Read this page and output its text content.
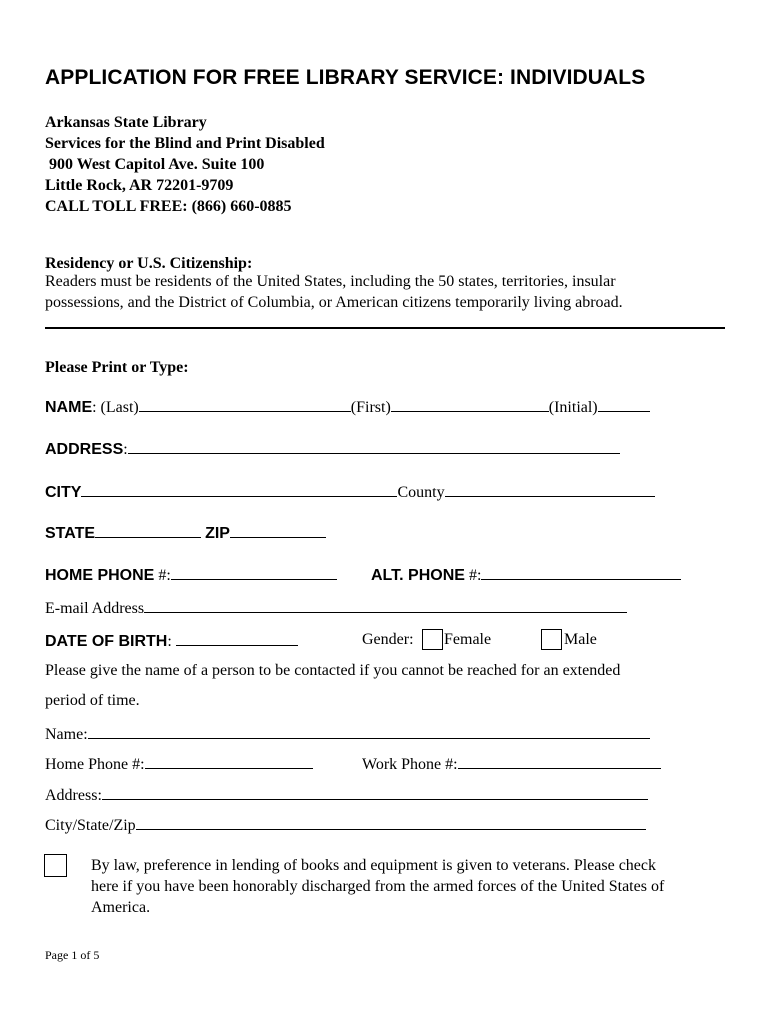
APPLICATION FOR FREE LIBRARY SERVICE: INDIVIDUALS
Arkansas State Library
Services for the Blind and Print Disabled
900 West Capitol Ave. Suite 100
Little Rock, AR 72201-9709
CALL TOLL FREE: (866) 660-0885
Residency or U.S. Citizenship:
Readers must be residents of the United States, including the 50 states, territories, insular
possessions, and the District of Columbia, or American citizens temporarily living abroad.
Please Print or Type:
NAME : (Last)	(First)	(Initial)
ADDRESS :
CITY	County
STATE	ZIP
HOME PHONE #:	ALT. PHONE #:
E-mail Address
DATE OF BIRTH :	Gender: Female	Male
Please give the name of a person to be contacted if you cannot be reached for an extended
period of time.
Name:
Home Phone #:	Work Phone #:
Address:
City/State/Zip
By law, preference in lending of books and equipment is given to veterans. Please check
here if you have been honorably discharged from the armed forces of the United States of
America.
Page 1 of 5
